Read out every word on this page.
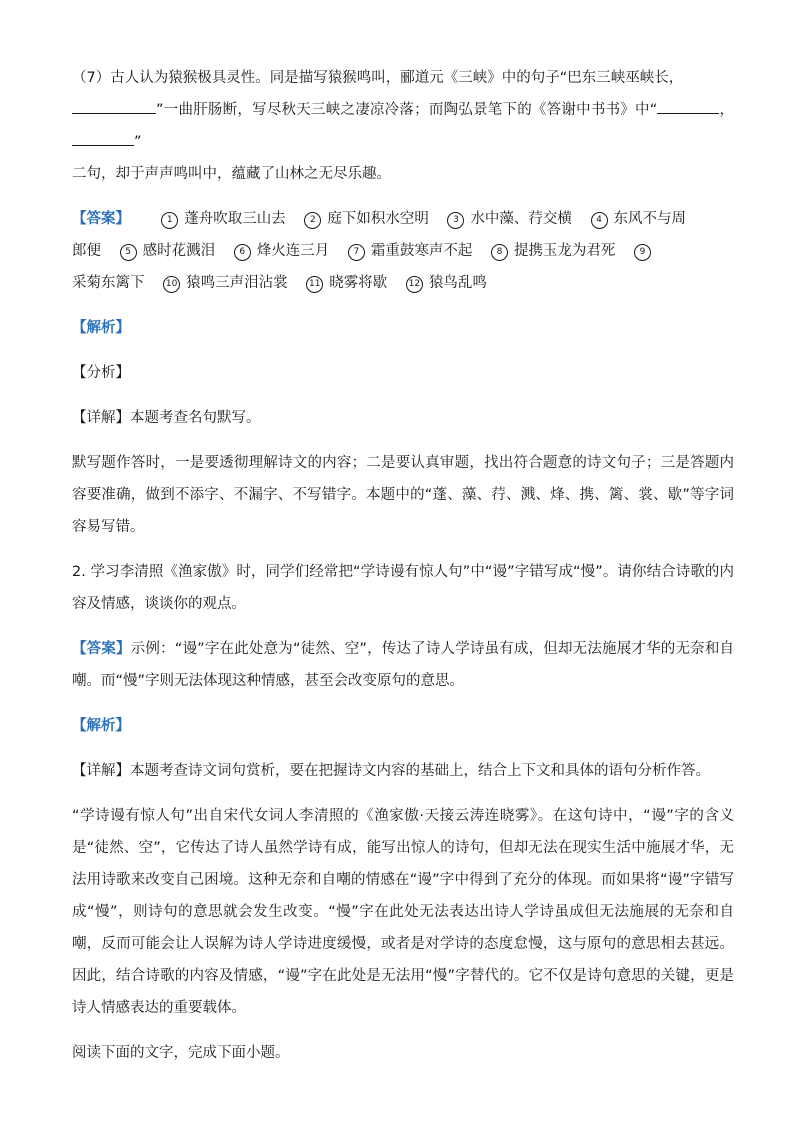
（7）古人认为猿猴极具灵性。同是描写猿猴鸣叫，郦道元《三峡》中的句子“巴东三峡巫峡长，
”一曲肝肠断，写尽秋天三峡之凄凉冷落；而陶弘景笔下的《答谢中书书》中“	，”
二句，却于声声鸣叫中，蕴藏了山林之无尽乐趣。

【答案】	1 蓬舟吹取三山去	2 庭下如积水空明	3 水中藻、荇交横	4 东风不与周
郎便	5 感时花溅泪	6 烽火连三月	7 霜重鼓寒声不起	8 提携玉龙为君死	9
采菊东篱下 10 猿鸣三声泪沾裳 11 晓雾将歇 12 猿鸟乱鸣

【解析】

【分析】

【详解】本题考查名句默写。

默写题作答时，一是要透彻理解诗文的内容；二是要认真审题，找出符合题意的诗文句子；三是答题内容要准确，做到不添字、不漏字、不写错字。本题中的“蓬、藻、荇、溅、烽、携、篱、裳、歇”等字词容易写错。

2. 学习李清照《渔家傲》时，同学们经常把“学诗谩有惊人句”中“谩”字错写成“慢”。请你结合诗歌的内容及情感，谈谈你的观点。

【答案】示例：“谩”字在此处意为“徒然、空”，传达了诗人学诗虽有成，但却无法施展才华的无奈和自嘲。而“慢”字则无法体现这种情感，甚至会改变原句的意思。

【解析】

【详解】本题考查诗文词句赏析，要在把握诗文内容的基础上，结合上下文和具体的语句分析作答。

“学诗谩有惊人句”出自宋代女词人李清照的《渔家傲·天接云涛连晓雾》。在这句诗中，“谩”字的含义是“徒然、空”，它传达了诗人虽然学诗有成，能写出惊人的诗句，但却无法在现实生活中施展才华，无法用诗歌来改变自己困境。这种无奈和自嘲的情感在“谩”字中得到了充分的体现。而如果将“谩”字错写成“慢”，则诗句的意思就会发生改变。“慢”字在此处无法表达出诗人学诗虽成但无法施展的无奈和自嘲，反而可能会让人误解为诗人学诗进度缓慢，或者是对学诗的态度怠慢，这与原句的意思相去甚远。因此，结合诗歌的内容及情感，“谩”字在此处是无法用“慢”字替代的。它不仅是诗句意思的关键，更是诗人情感表达的重要载体。

阅读下面的文字，完成下面小题。
